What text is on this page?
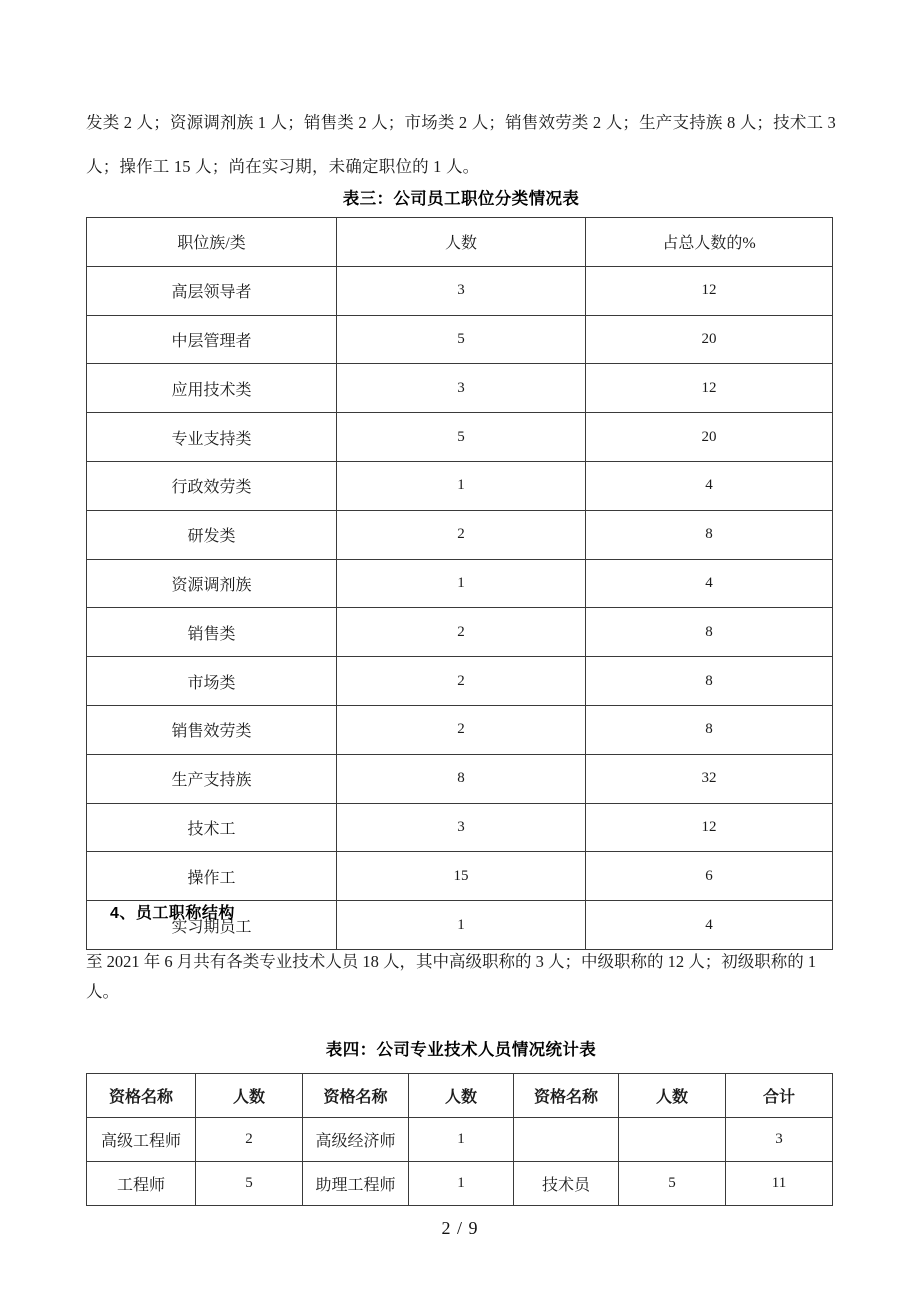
发类 2 人；资源调剂族 1 人；销售类 2 人；市场类 2 人；销售效劳类 2 人；生产支持族 8 人；技术工 3 人；操作工 15 人；尚在实习期，未确定职位的 1 人。

表三：公司员工职位分类情况表
职位族/类	人数	占总人数的%
高层领导者	3	12
中层管理者	5	20
应用技术类	3	12
专业支持类	5	20
行政效劳类	1	4
研发类	2	8
资源调剂族	1	4
销售类	2	8
市场类	2	8
销售效劳类	2	8
生产支持族	8	32
技术工	3	12
操作工	15	6
实习期员工	1	4
4、员工职称结构

至 2021 年 6 月共有各类专业技术人员 18 人，其中高级职称的 3 人；中级职称的 12 人；初级职称的 1 人。

表四：公司专业技术人员情况统计表
资格名称	人数	资格名称	人数	资格名称	人数	合计
高级工程师	2	高级经济师	1			3
工程师	5	助理工程师	1	技术员	5	11
2 / 9
